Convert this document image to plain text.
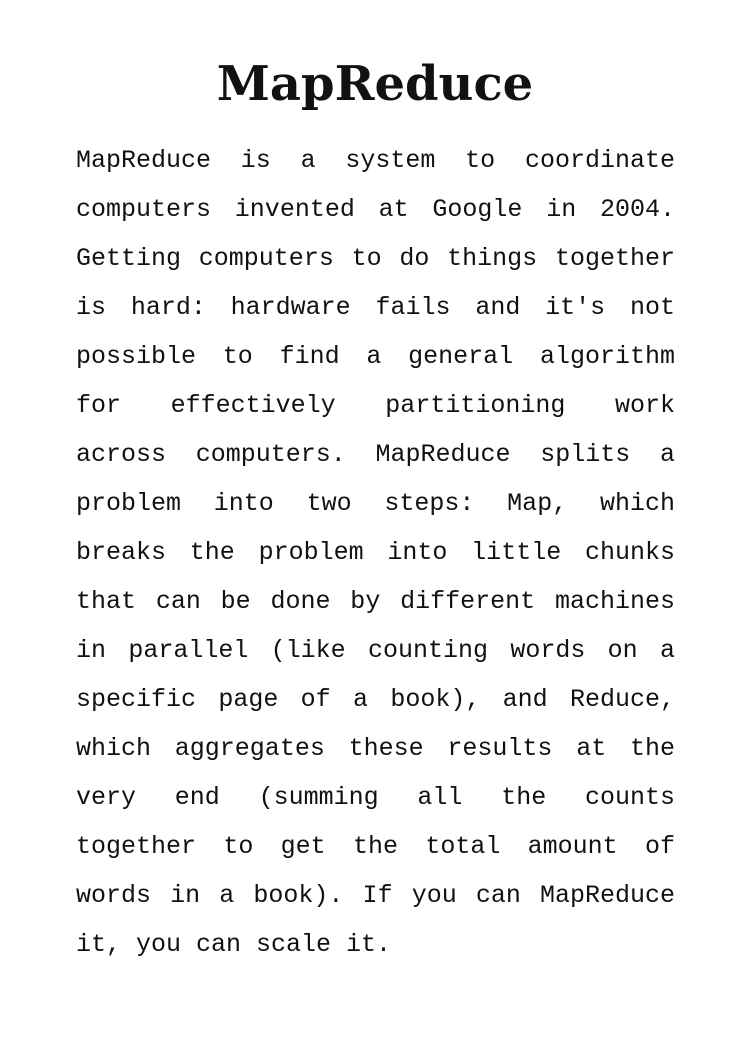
MapReduce

MapReduce is a system to coordinate computers invented at Google in 2004. Getting computers to do things together is hard: hardware fails and it's not possible to find a general algorithm for effectively partitioning work across computers. MapReduce splits a problem into two steps: Map, which breaks the problem into little chunks that can be done by different machines in parallel (like counting words on a specific page of a book), and Reduce, which aggregates these results at the very end (summing all the counts together to get the total amount of words in a book). If you can MapReduce it, you can scale it.
